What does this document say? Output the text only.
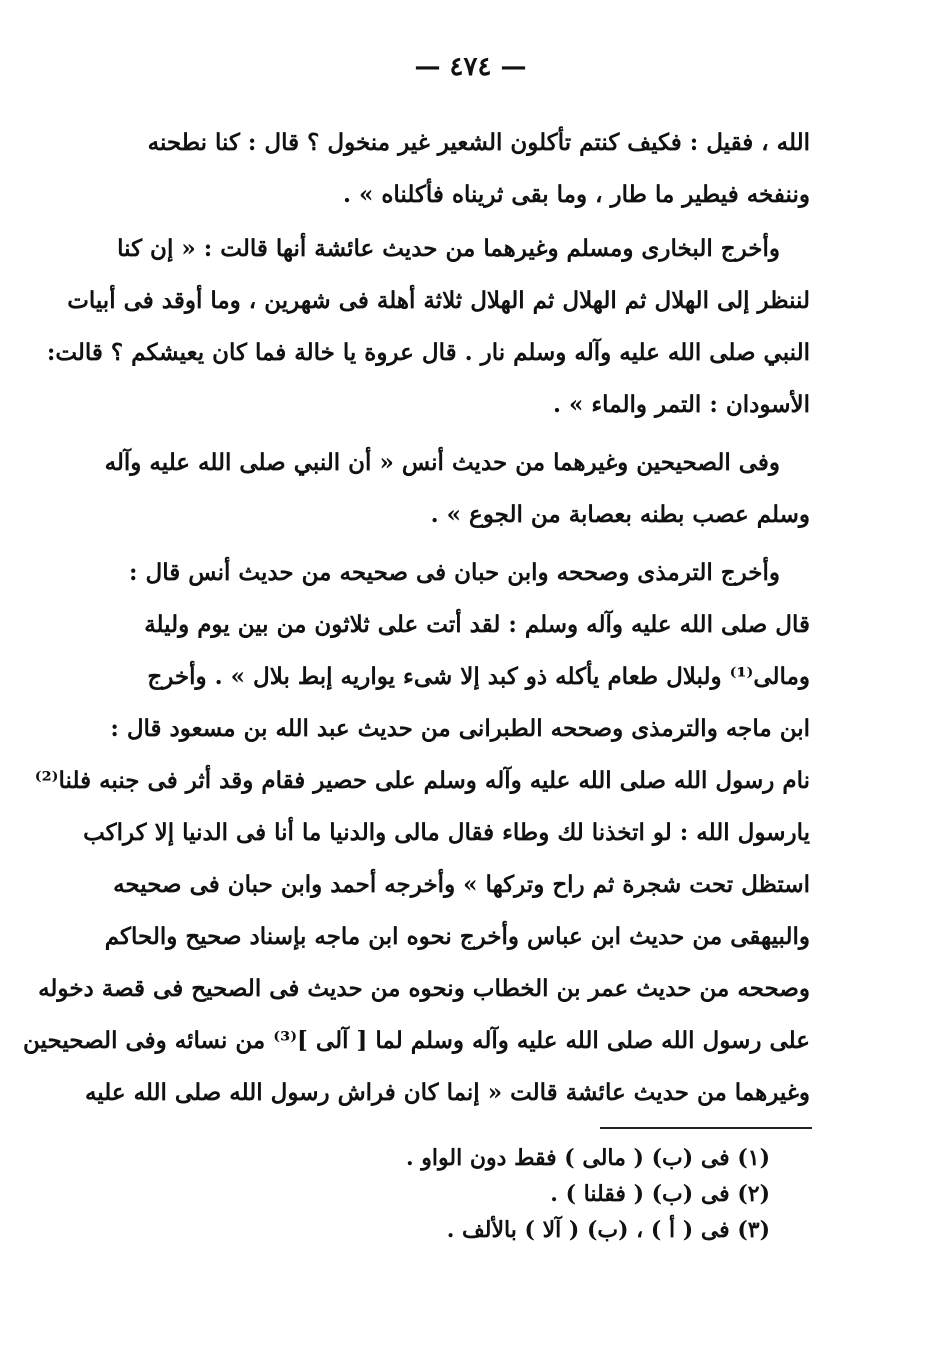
— ٤٧٤ —
الله ، فقيل : فكيف كنتم تأكلون الشعير غير منخول ؟ قال : كنا نطحنه
وننفخه فيطير ما طار ، وما بقى ثريناه فأكلناه » .
وأخرج البخارى ومسلم وغيرهما من حديث عائشة أنها قالت : « إن كنا
لننظر إلى الهلال ثم الهلال ثم الهلال ثلاثة أهلة فى شهرين ، وما أوقد فى أبيات
النبي صلى الله عليه وآله وسلم نار . قال عروة يا خالة فما كان يعيشكم ؟ قالت:
الأسودان : التمر والماء » .
وفى الصحيحين وغيرهما من حديث أنس « أن النبي صلى الله عليه وآله
وسلم عصب بطنه بعصابة من الجوع » .
وأخرج الترمذى وصححه وابن حبان فى صحيحه من حديث أنس قال :
قال صلى الله عليه وآله وسلم : لقد أتت على ثلاثون من بين يوم وليلة
ومالى⁽¹⁾ ولبلال طعام يأكله ذو كبد إلا شىء يواريه إبط بلال » . وأخرج
ابن ماجه والترمذى وصححه الطبرانى من حديث عبد الله بن مسعود قال :
نام رسول الله صلى الله عليه وآله وسلم على حصير فقام وقد أثر فى جنبه فلنا⁽²⁾
يارسول الله : لو اتخذنا لك وطاء فقال مالى والدنيا ما أنا فى الدنيا إلا كراكب
استظل تحت شجرة ثم راح وتركها » وأخرجه أحمد وابن حبان فى صحيحه
والبيهقى من حديث ابن عباس وأخرج نحوه ابن ماجه بإسناد صحيح والحاكم
وصححه من حديث عمر بن الخطاب ونحوه من حديث فى الصحيح فى قصة دخوله
على رسول الله صلى الله عليه وآله وسلم لما [ آلى ]⁽³⁾ من نسائه وفى الصحيحين
وغيرهما من حديث عائشة قالت « إنما كان فراش رسول الله صلى الله عليه
(١) فى (ب) ( مالى ) فقط دون الواو .
(٢) فى (ب) ( فقلنا ) .
(٣) فى ( أ ) ، (ب) ( آلا ) بالألف .
